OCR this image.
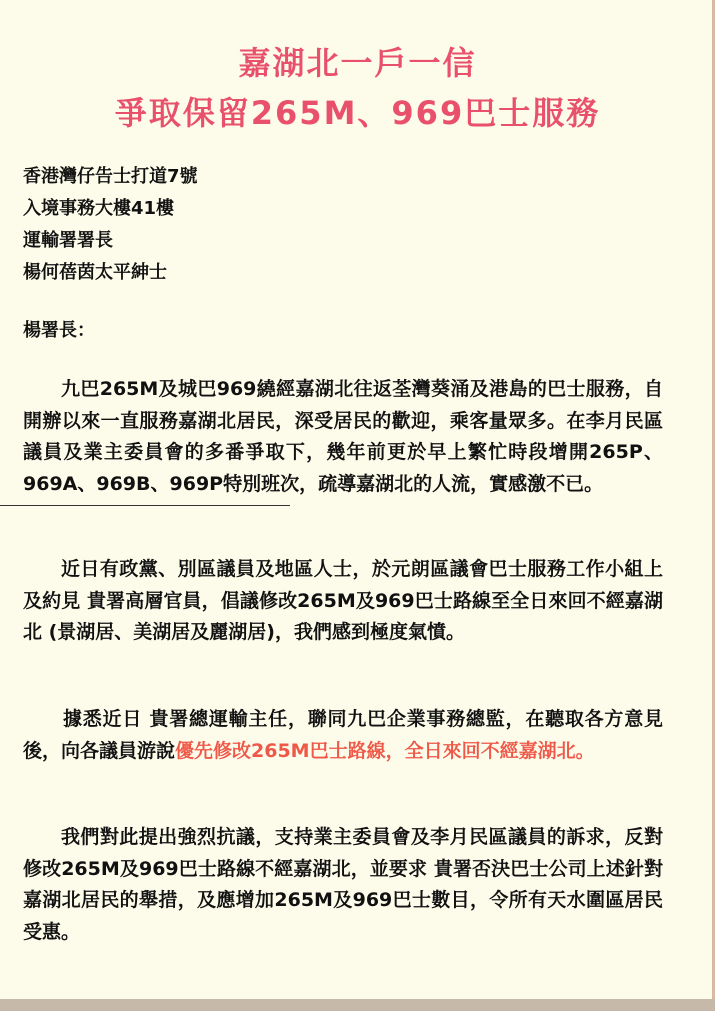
嘉湖北一戶一信
爭取保留265M、969巴士服務
香港灣仔告士打道7號
入境事務大樓41樓
運輸署署長
楊何蓓茵太平紳士
楊署長：
九巴265M及城巴969繞經嘉湖北往返荃灣葵涌及港島的巴士服務，自開辦以來一直服務嘉湖北居民，深受居民的歡迎，乘客量眾多。在李月民區議員及業主委員會的多番爭取下，幾年前更於早上繁忙時段增開265P、969A、969B、969P特別班次，疏導嘉湖北的人流，實感激不已。
近日有政黨、別區議員及地區人士，於元朗區議會巴士服務工作小組上及約見 貴署高層官員，倡議修改265M及969巴士路線至全日來回不經嘉湖北 (景湖居、美湖居及麗湖居)，我們感到極度氣憤。
據悉近日 貴署總運輸主任，聯同九巴企業事務總監，在聽取各方意見後，向各議員游說優先修改265M巴士路線，全日來回不經嘉湖北。
我們對此提出強烈抗議，支持業主委員會及李月民區議員的訴求，反對修改265M及969巴士路線不經嘉湖北，並要求 貴署否決巴士公司上述針對嘉湖北居民的舉措，及應增加265M及969巴士數目，令所有天水圍區居民受惠。
